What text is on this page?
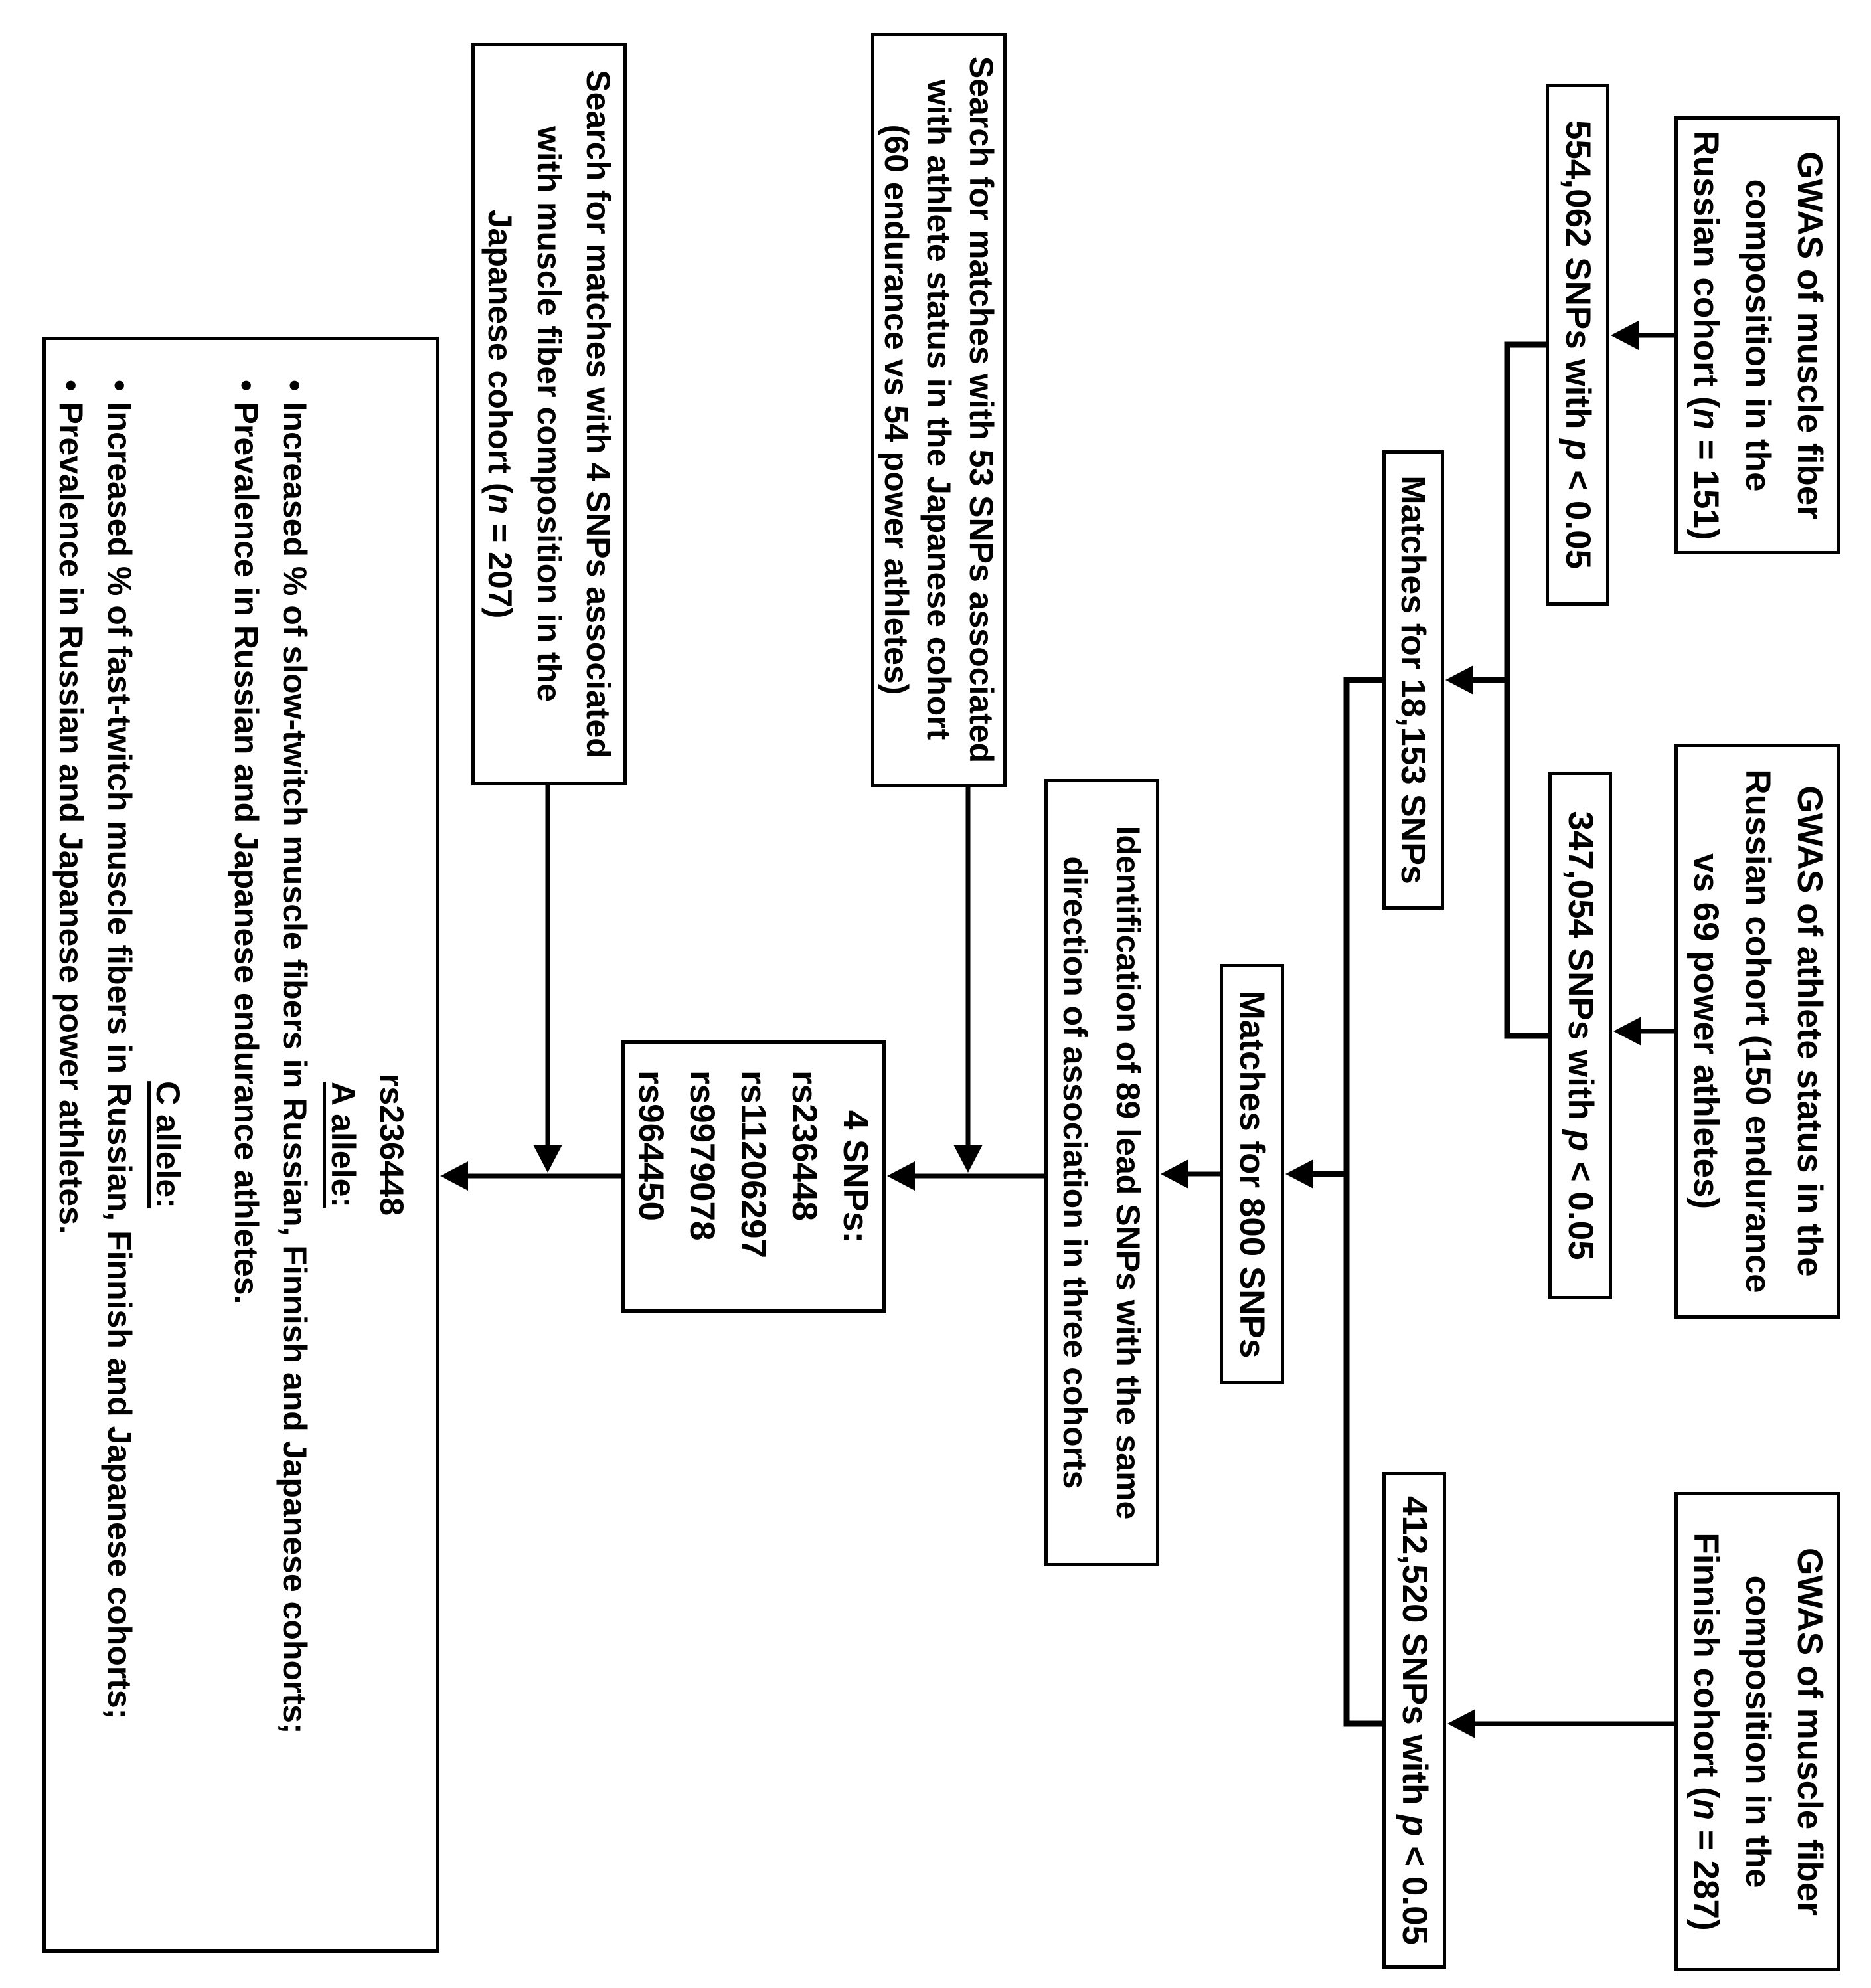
GWAS of muscle fiber
composition in the
Russian cohort (n = 151)
GWAS of athlete status in the
Russian cohort (150 endurance
vs 69 power athletes)
GWAS of muscle fiber
composition in the
Finnish cohort (n = 287)
554,062 SNPs with p < 0.05
347,054 SNPs with p < 0.05
412,520 SNPs with p < 0.05
Matches for 18,153 SNPs
Matches for 800 SNPs
Identification of 89 lead SNPs with the same
direction of association in three cohorts
Search for matches with 53 SNPs associated
with athlete status in the Japanese cohort
(60 endurance vs 54 power athletes)
4 SNPs:
rs236448
rs11206297
rs9979078
rs964450
Search for matches with 4 SNPs associated
with muscle fiber composition in the
Japanese cohort (n = 207)
rs236448
A allele:
•Increased % of slow-twitch muscle fibers in Russian, Finnish and Japanese cohorts;
•Prevalence in Russian and Japanese endurance athletes.
C allele:
•Increased % of fast-twitch muscle fibers in Russian, Finnish and Japanese cohorts;
•Prevalence in Russian and Japanese power athletes.
